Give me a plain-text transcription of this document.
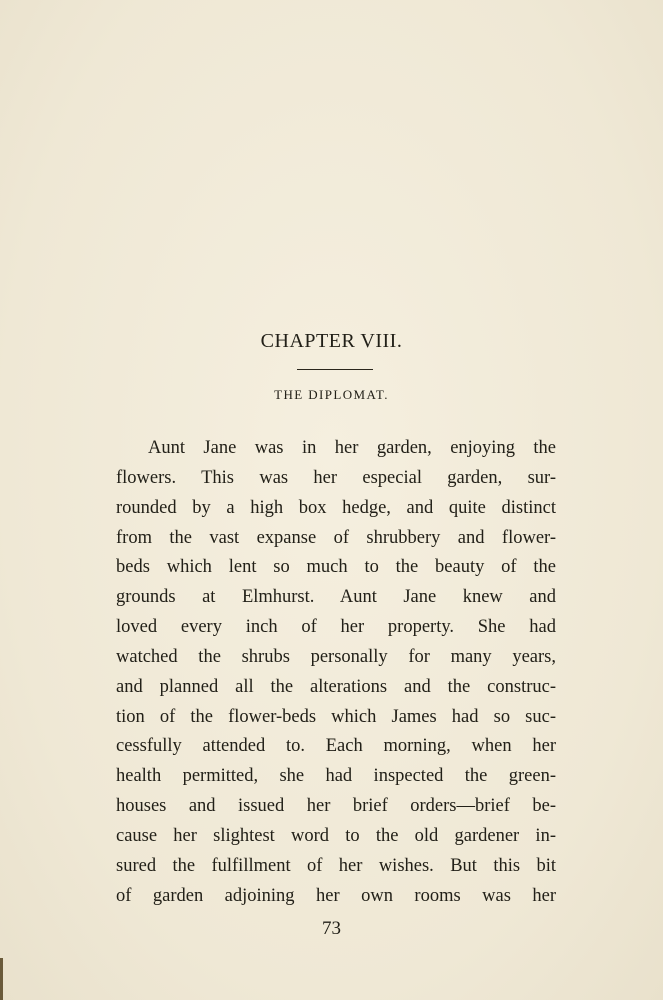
CHAPTER VIII.
THE DIPLOMAT.
Aunt Jane was in her garden, enjoying the
flowers. This was her especial garden, sur-
rounded by a high box hedge, and quite distinct
from the vast expanse of shrubbery and flower-
beds which lent so much to the beauty of the
grounds at Elmhurst. Aunt Jane knew and
loved every inch of her property. She had
watched the shrubs personally for many years,
and planned all the alterations and the construc-
tion of the flower-beds which James had so suc-
cessfully attended to. Each morning, when her
health permitted, she had inspected the green-
houses and issued her brief orders—brief be-
cause her slightest word to the old gardener in-
sured the fulfillment of her wishes. But this bit
of garden adjoining her own rooms was her
73
